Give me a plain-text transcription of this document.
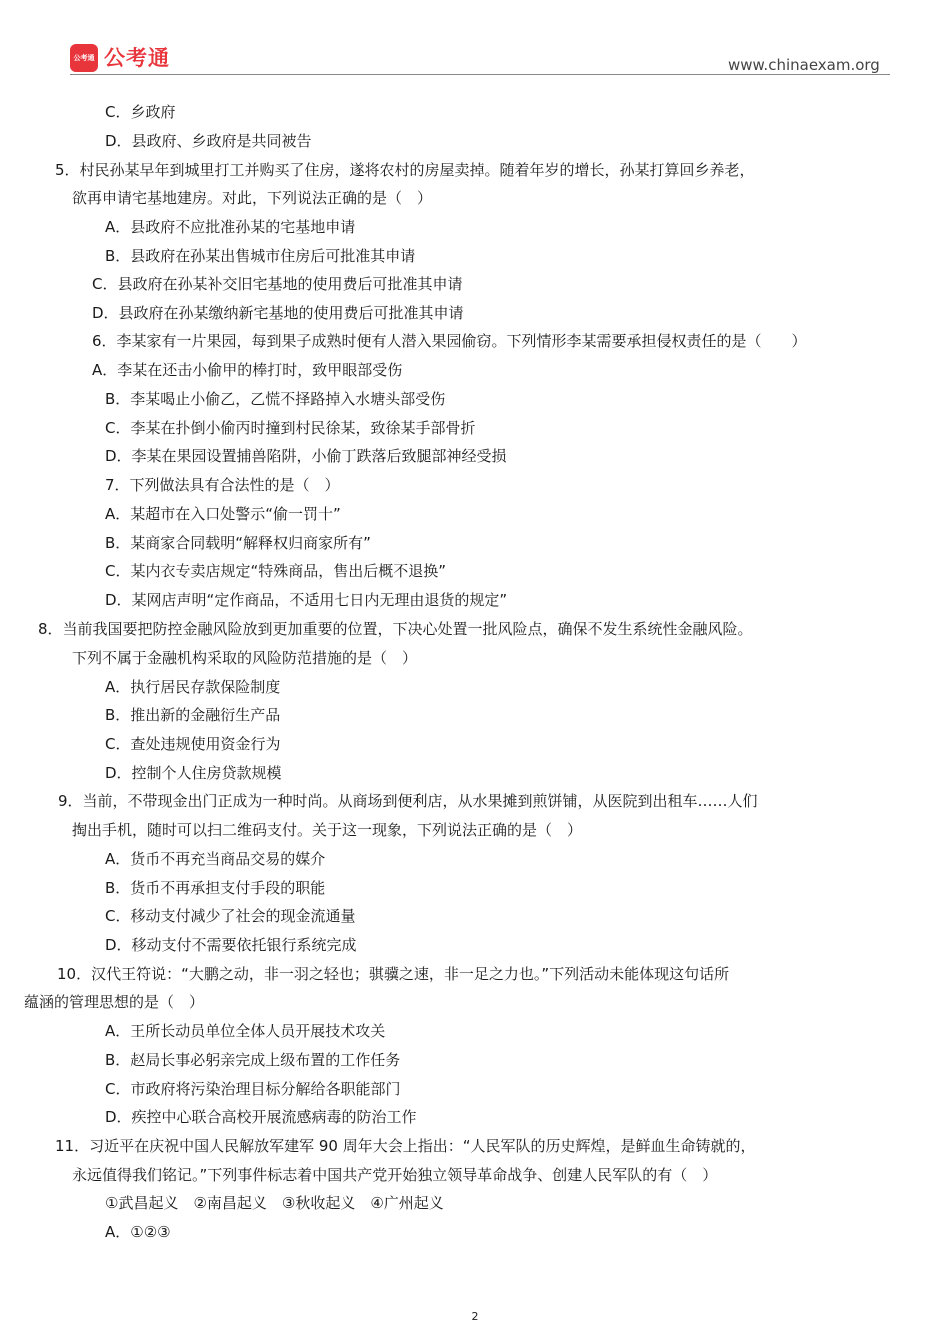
公考通 公考通	www.chinaexam.org
C．乡政府
D．县政府、乡政府是共同被告
5．村民孙某早年到城里打工并购买了住房，遂将农村的房屋卖掉。随着年岁的增长，孙某打算回乡养老，
欲再申请宅基地建房。对此，下列说法正确的是（　）
A．县政府不应批准孙某的宅基地申请
B．县政府在孙某出售城市住房后可批准其申请
C．县政府在孙某补交旧宅基地的使用费后可批准其申请
D．县政府在孙某缴纳新宅基地的使用费后可批准其申请
6．李某家有一片果园，每到果子成熟时便有人潜入果园偷窃。下列情形李某需要承担侵权责任的是（　　）
A．李某在还击小偷甲的棒打时，致甲眼部受伤
B．李某喝止小偷乙，乙慌不择路掉入水塘头部受伤
C．李某在扑倒小偷丙时撞到村民徐某，致徐某手部骨折
D．李某在果园设置捕兽陷阱，小偷丁跌落后致腿部神经受损
7．下列做法具有合法性的是（　）
A．某超市在入口处警示“偷一罚十”
B．某商家合同载明“解释权归商家所有”
C．某内衣专卖店规定“特殊商品，售出后概不退换”
D．某网店声明“定作商品，不适用七日内无理由退货的规定”
8．当前我国要把防控金融风险放到更加重要的位置，下决心处置一批风险点，确保不发生系统性金融风险。
下列不属于金融机构采取的风险防范措施的是（　）
A．执行居民存款保险制度
B．推出新的金融衍生产品
C．查处违规使用资金行为
D．控制个人住房贷款规模
9．当前，不带现金出门正成为一种时尚。从商场到便利店，从水果摊到煎饼铺，从医院到出租车……人们
掏出手机，随时可以扫二维码支付。关于这一现象，下列说法正确的是（　）
A．货币不再充当商品交易的媒介
B．货币不再承担支付手段的职能
C．移动支付减少了社会的现金流通量
D．移动支付不需要依托银行系统完成
10．汉代王符说：“大鹏之动，非一羽之轻也；骐骥之速，非一足之力也。”下列活动未能体现这句话所
蕴涵的管理思想的是（　）
A．王所长动员单位全体人员开展技术攻关
B．赵局长事必躬亲完成上级布置的工作任务
C．市政府将污染治理目标分解给各职能部门
D．疾控中心联合高校开展流感病毒的防治工作
11．习近平在庆祝中国人民解放军建军 90 周年大会上指出：“人民军队的历史辉煌，是鲜血生命铸就的，
永远值得我们铭记。”下列事件标志着中国共产党开始独立领导革命战争、创建人民军队的有（　）
①武昌起义　②南昌起义　③秋收起义　④广州起义
A．①②③
2
